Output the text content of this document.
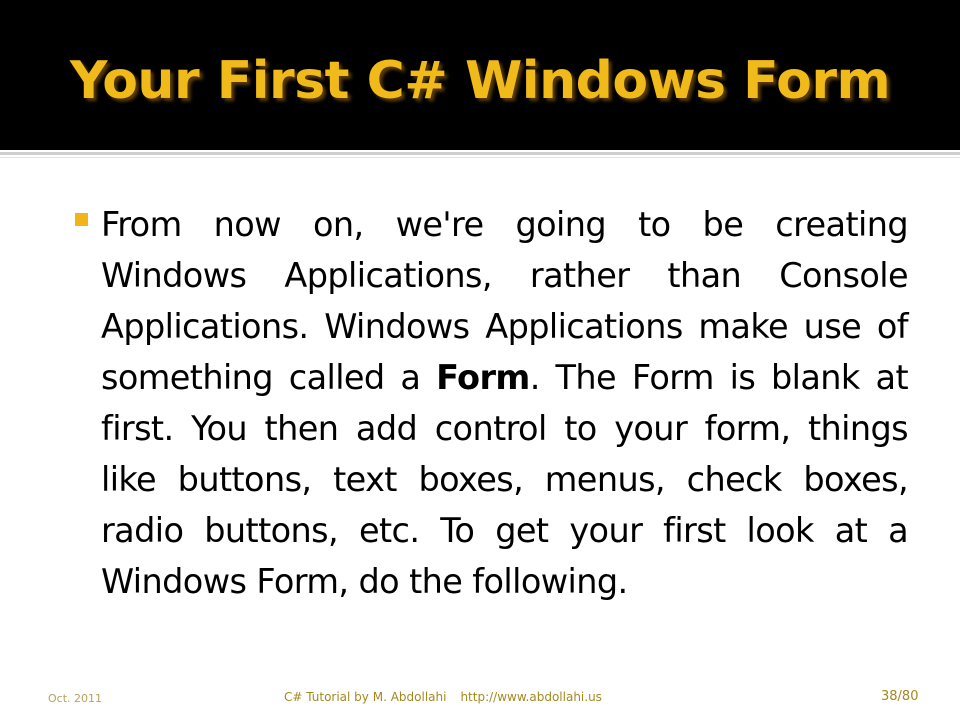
Your First C# Windows Form
From now on, we're going to be creating Windows Applications, rather than Console Applications. Windows Applications make use of something called a Form. The Form is blank at first. You then add control to your form, things like buttons, text boxes, menus, check boxes, radio buttons, etc. To get your first look at a Windows Form, do the following.
Oct. 2011	C# Tutorial by M. Abdollahi http://www.abdollahi.us	38/80
